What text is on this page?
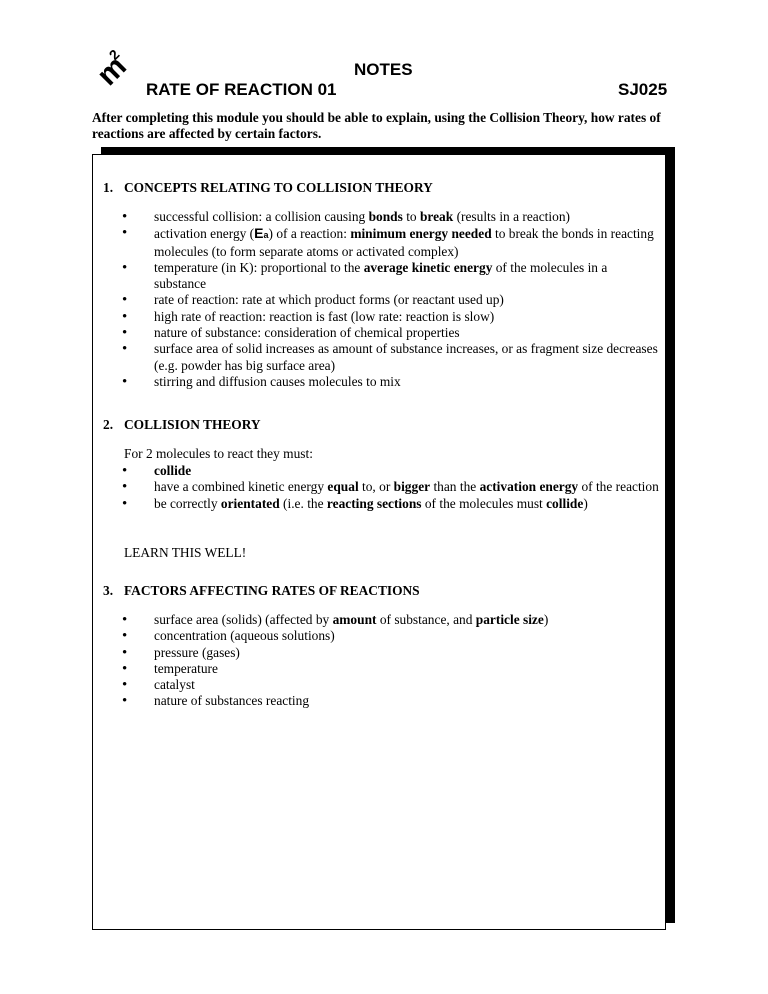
m
2
NOTES
RATE OF REACTION 01	SJ025
After completing this module you should be able to explain, using the Collision Theory, how rates of reactions are affected by certain factors.
1. CONCEPTS RELATING TO COLLISION THEORY
• successful collision: a collision causing bonds to break (results in a reaction)
• activation energy (Ea) of a reaction: minimum energy needed to break the bonds in reacting molecules (to form separate atoms or activated complex)
• temperature (in K): proportional to the average kinetic energy of the molecules in a substance
• rate of reaction: rate at which product forms (or reactant used up)
• high rate of reaction: reaction is fast (low rate: reaction is slow)
• nature of substance: consideration of chemical properties
• surface area of solid increases as amount of substance increases, or as fragment size decreases (e.g. powder has big surface area)
• stirring and diffusion causes molecules to mix
2. COLLISION THEORY
For 2 molecules to react they must:
• collide
• have a combined kinetic energy equal to, or bigger than the activation energy of the reaction
• be correctly orientated (i.e. the reacting sections of the molecules must collide)
LEARN THIS WELL!
3. FACTORS AFFECTING RATES OF REACTIONS
• surface area (solids) (affected by amount of substance, and particle size)
• concentration (aqueous solutions)
• pressure (gases)
• temperature
• catalyst
• nature of substances reacting
